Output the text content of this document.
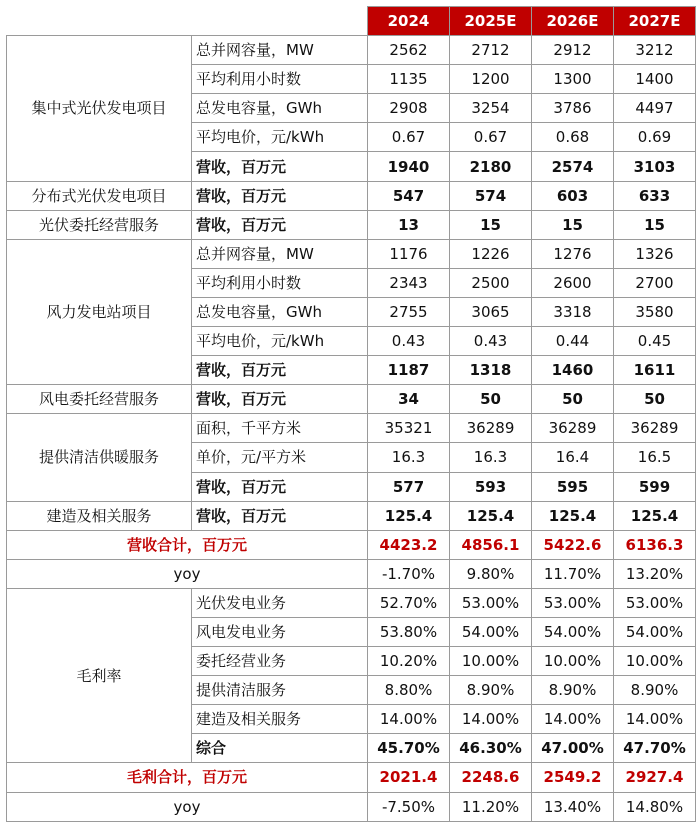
		2024	2025E	2026E	2027E
集中式光伏发电项目	总并网容量，MW	2562	2712	2912	3212
	平均利用小时数	1135	1200	1300	1400
	总发电容量，GWh	2908	3254	3786	4497
	平均电价，元/kWh	0.67	0.67	0.68	0.69
	营收，百万元	1940	2180	2574	3103
分布式光伏发电项目	营收，百万元	547	574	603	633
光伏委托经营服务	营收，百万元	13	15	15	15
风力发电站项目	总并网容量，MW	1176	1226	1276	1326
	平均利用小时数	2343	2500	2600	2700
	总发电容量，GWh	2755	3065	3318	3580
	平均电价，元/kWh	0.43	0.43	0.44	0.45
	营收，百万元	1187	1318	1460	1611
风电委托经营服务	营收，百万元	34	50	50	50
提供清洁供暖服务	面积，千平方米	35321	36289	36289	36289
	单价，元/平方米	16.3	16.3	16.4	16.5
	营收，百万元	577	593	595	599
建造及相关服务	营收，百万元	125.4	125.4	125.4	125.4
营收合计，百万元		4423.2	4856.1	5422.6	6136.3
yoy		-1.70%	9.80%	11.70%	13.20%
毛利率	光伏发电业务	52.70%	53.00%	53.00%	53.00%
	风电发电业务	53.80%	54.00%	54.00%	54.00%
	委托经营业务	10.20%	10.00%	10.00%	10.00%
	提供清洁服务	8.80%	8.90%	8.90%	8.90%
	建造及相关服务	14.00%	14.00%	14.00%	14.00%
	综合	45.70%	46.30%	47.00%	47.70%
毛利合计，百万元		2021.4	2248.6	2549.2	2927.4
yoy		-7.50%	11.20%	13.40%	14.80%
